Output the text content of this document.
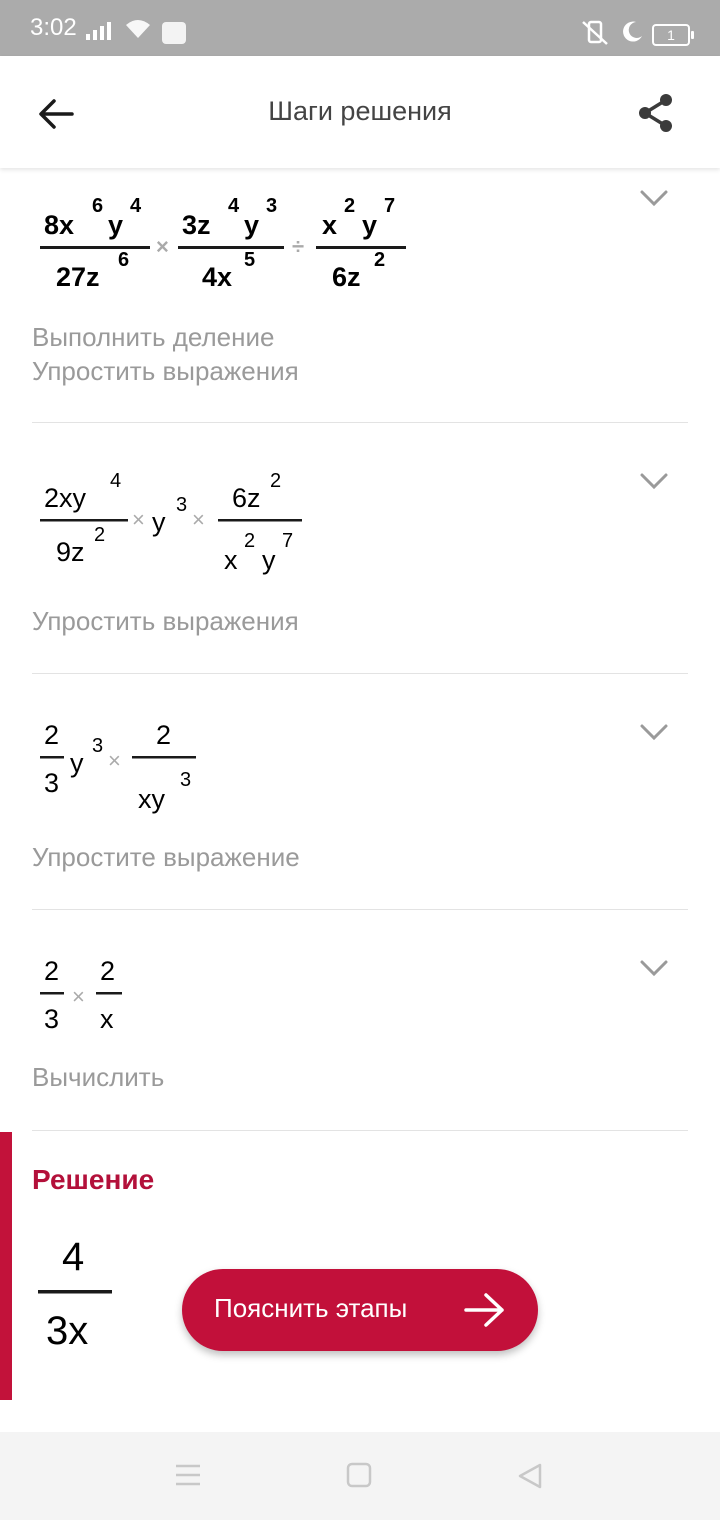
3:02	1
Шаги решения
8x
6
y
4
27z
6
×
3z
4
y
3
4x
5
÷
x
2
y
7
6z
2
Выполнить деление
Упростить выражения
2xy
4
9z
2
× y
3
×
6z
2
x
2
y
7
Упростить выражения
2
3
y
3
×
2
xy
3
Упростите выражение
2
3
×
2
x
Вычислить
Решение
4
3x
Пояснить этапы
